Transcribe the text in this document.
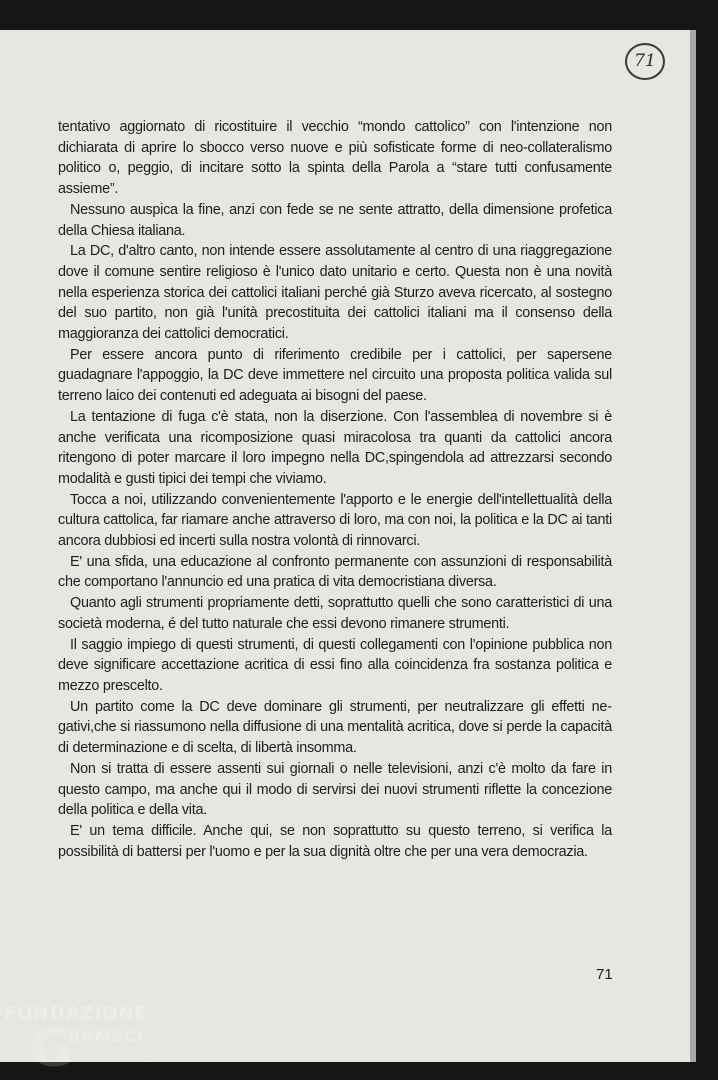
71

tentativo aggiornato di ricostituire il vecchio “mondo cattolico” con l'intenzione non dichiarata di aprire lo sbocco verso nuove e più sofisticate forme di neo-collateralismo politico o, peggio, di incitare sotto la spinta della Parola a “stare tutti confusamente assieme”.

Nessuno auspica la fine, anzi con fede se ne sente attratto, della dimensione profetica della Chiesa italiana.

La DC, d'altro canto, non intende essere assolutamente al centro di una riaggregazione dove il comune sentire religioso è l'unico dato unitario e certo. Questa non è una novità nella esperienza storica dei cattolici italiani perché già Sturzo aveva ricercato, al sostegno del suo partito, non già l'unità precostituita dei cattolici italiani ma il consenso della maggioranza dei cattolici democratici.

Per essere ancora punto di riferimento credibile per i cattolici, per sapersene guadagnare l'appoggio, la DC deve immettere nel circuito una proposta politica valida sul terreno laico dei contenuti ed adeguata ai bisogni del paese.

La tentazione di fuga c'è stata, non la diserzione. Con l'assemblea di novembre si è anche verificata una ricomposizione quasi miracolosa tra quanti da cattolici ancora ritengono di poter marcare il loro impegno nella DC,spingendola ad attrezzarsi secondo modalità e gusti tipici dei tempi che viviamo.

Tocca a noi, utilizzando convenientemente l'apporto e le energie dell'intellettualità della cultura cattolica, far riamare anche attraverso di loro, ma con noi, la politica e la DC ai tanti ancora dubbiosi ed incerti sulla nostra volontà di rinnovarci.

E' una sfida, una educazione al confronto permanente con assunzioni di responsabilità che comportano l'annuncio ed una pratica di vita democristiana diversa.

Quanto agli strumenti propriamente detti, soprattutto quelli che sono caratteristici di una società moderna, é del tutto naturale che essi devono rimanere strumenti.

Il saggio impiego di questi strumenti, di questi collegamenti con l'opinione pubblica non deve significare accettazione acritica di essi fino alla coincidenza fra sostanza politica e mezzo prescelto.

Un partito come la DC deve dominare gli strumenti, per neutralizzare gli effetti negativi,che si riassumono nella diffusione di una mentalità acritica, dove si perde la capacità di determinazione e di scelta, di libertà insomma.

Non si tratta di essere assenti sui giornali o nelle televisioni, anzi c'è molto da fare in questo campo, ma anche qui il modo di servirsi dei nuovi strumenti riflette la concezione della politica e della vita.

E' un tema difficile. Anche qui, se non soprattutto su questo terreno, si verifica la possibilità di battersi per l'uomo e per la sua dignità oltre che per una vera democrazia.

71
FONDAZIONE
RAMSCI
onlus
